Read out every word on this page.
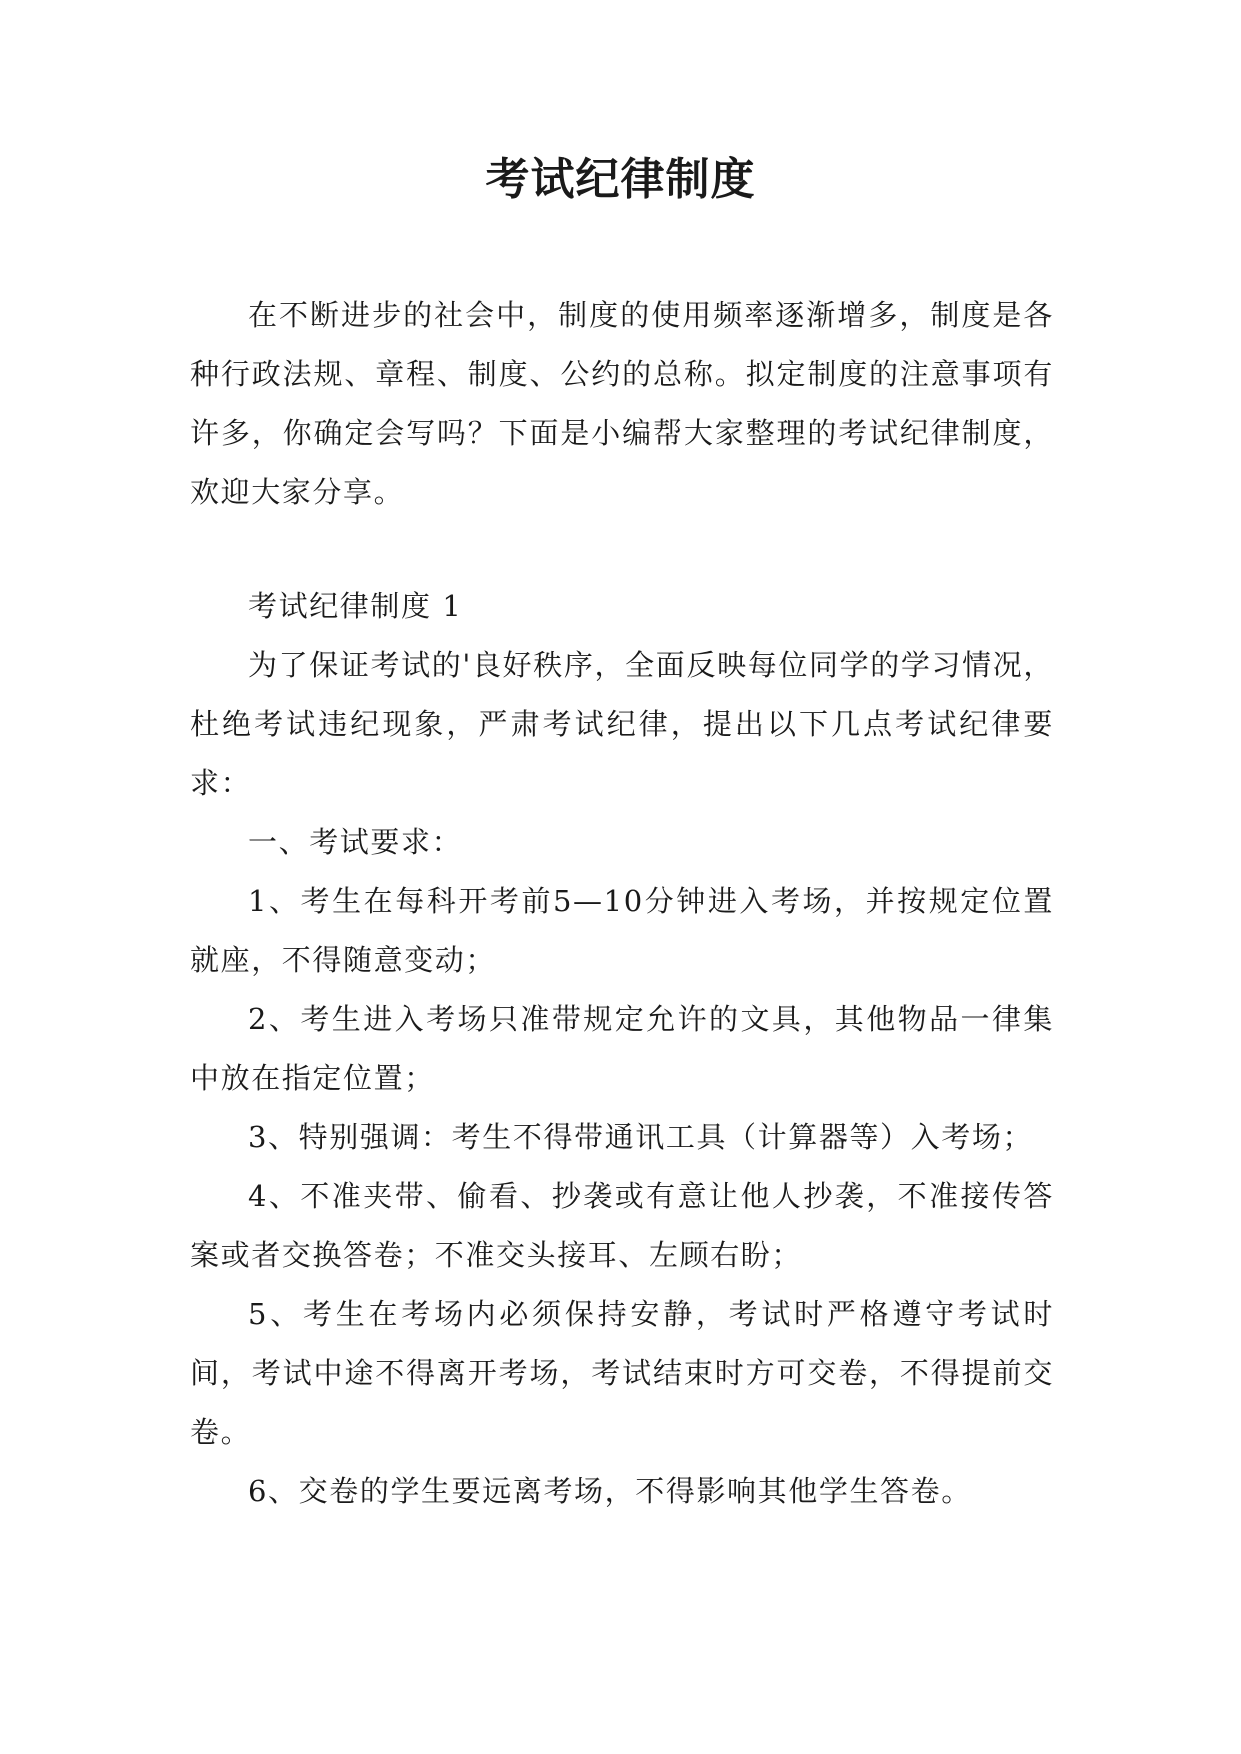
考试纪律制度

在不断进步的社会中，制度的使用频率逐渐增多，制度是各种行政法规、章程、制度、公约的总称。拟定制度的注意事项有许多，你确定会写吗？下面是小编帮大家整理的考试纪律制度，欢迎大家分享。

考试纪律制度 1

为了保证考试的'良好秩序，全面反映每位同学的学习情况，杜绝考试违纪现象，严肃考试纪律，提出以下几点考试纪律要求：

一、考试要求：

1、考生在每科开考前5—10分钟进入考场，并按规定位置就座，不得随意变动；

2、考生进入考场只准带规定允许的文具，其他物品一律集中放在指定位置；

3、特别强调：考生不得带通讯工具（计算器等）入考场；

4、不准夹带、偷看、抄袭或有意让他人抄袭，不准接传答案或者交换答卷；不准交头接耳、左顾右盼；

5、考生在考场内必须保持安静，考试时严格遵守考试时间，考试中途不得离开考场，考试结束时方可交卷，不得提前交卷。

6、交卷的学生要远离考场，不得影响其他学生答卷。
